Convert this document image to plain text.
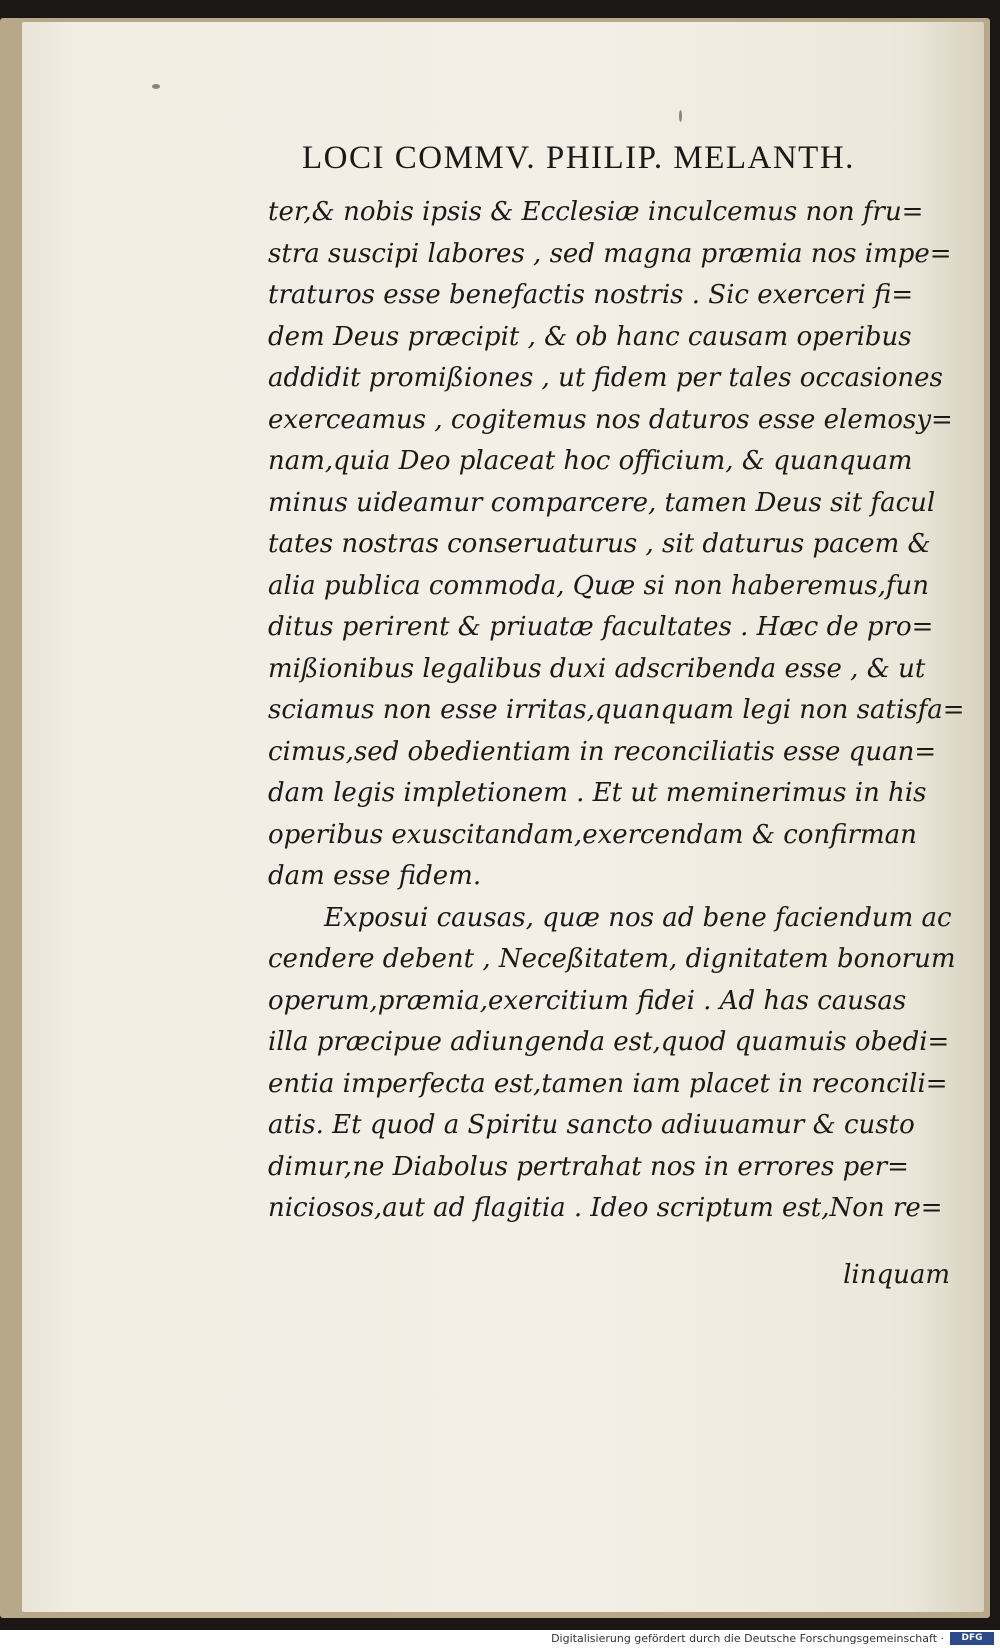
LOCI COMMV. PHILIP. MELANTH.
ter,& nobis ipsis & Ecclesiæ inculcemus non fru=
stra suscipi labores , sed magna præmia nos impe=
traturos esse benefactis nostris . Sic exerceri fi=
dem Deus præcipit , & ob hanc causam operibus
addidit promißiones , ut fidem per tales occasiones
exerceamus , cogitemus nos daturos esse elemosy=
nam,quia Deo placeat hoc officium, & quanquam
minus uideamur comparcere, tamen Deus sit facul
tates nostras conseruaturus , sit daturus pacem &
alia publica commoda, Quæ si non haberemus,fun
ditus perirent & priuatæ facultates . Hæc de pro=
mißionibus legalibus duxi adscribenda esse , & ut
sciamus non esse irritas,quanquam legi non satisfa=
cimus,sed obedientiam in reconciliatis esse quan=
dam legis impletionem . Et ut meminerimus in his
operibus exuscitandam,exercendam & confirman
dam esse fidem.
Exposui causas, quæ nos ad bene faciendum ac
cendere debent , Neceßitatem, dignitatem bonorum
operum,præmia,exercitium fidei . Ad has causas
illa præcipue adiungenda est,quod quamuis obedi=
entia imperfecta est,tamen iam placet in reconcili=
atis. Et quod a Spiritu sancto adiuuamur & custo
dimur,ne Diabolus pertrahat nos in errores per=
niciosos,aut ad flagitia . Ideo scriptum est,Non re=
linquam
Digitalisierung gefördert durch die Deutsche Forschungsgemeinschaft ·	DFG
